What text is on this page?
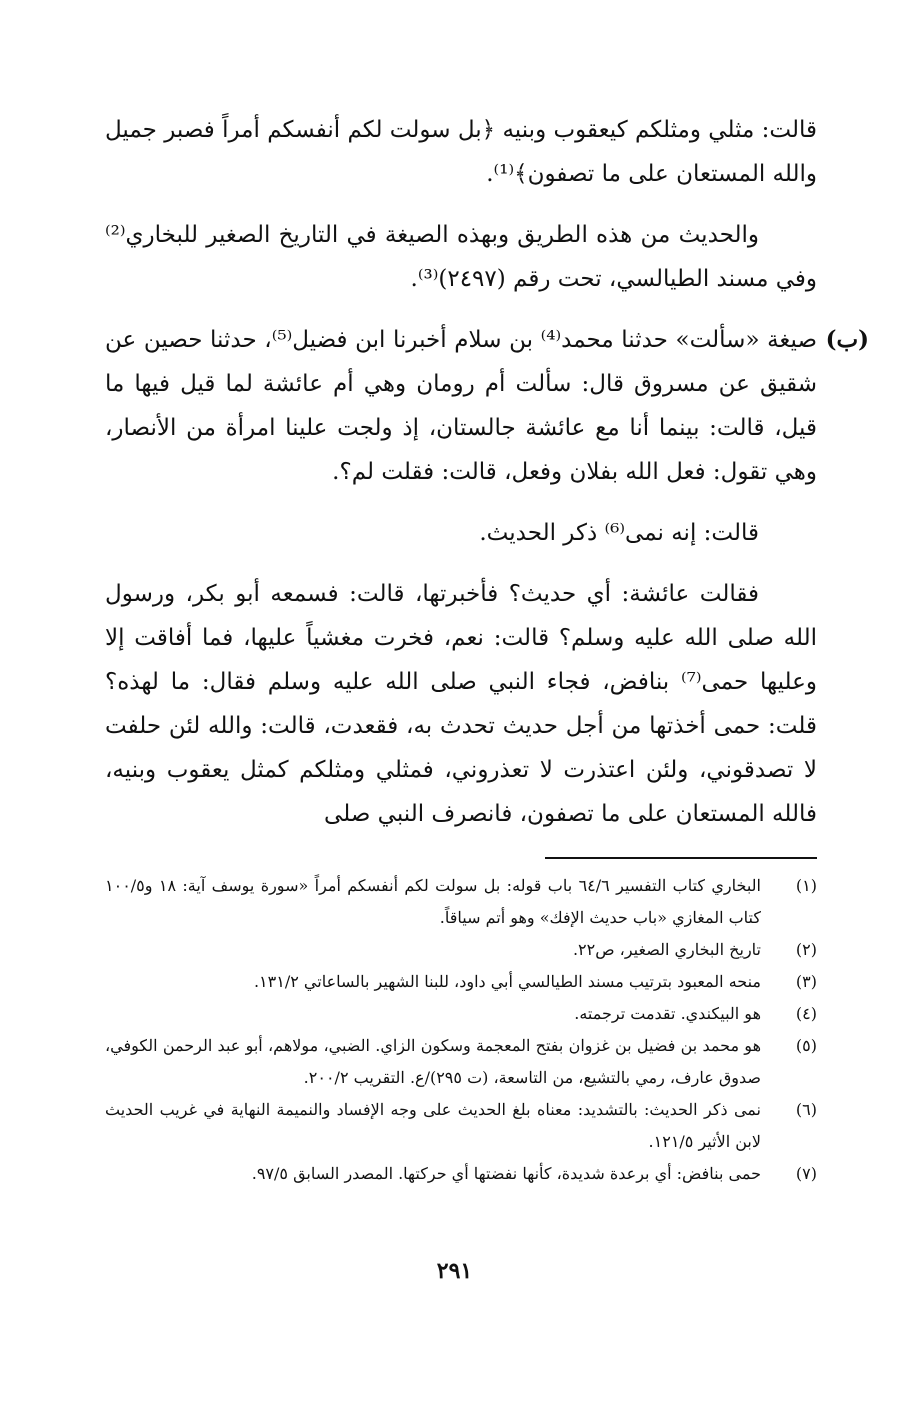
قالت: مثلي ومثلكم كيعقوب وبنيه ﴿بل سولت لكم أنفسكم أمراً فصبر جميل والله المستعان على ما تصفون﴾⁽¹⁾.

والحديث من هذه الطريق وبهذه الصيغة في التاريخ الصغير للبخاري⁽²⁾ وفي مسند الطيالسي، تحت رقم (٢٤٩٧)⁽³⁾.

(ب)
صيغة «سألت» حدثنا محمد⁽⁴⁾ بن سلام أخبرنا ابن فضيل⁽⁵⁾، حدثنا حصين عن شقيق عن مسروق قال: سألت أم رومان وهي أم عائشة لما قيل فيها ما قيل، قالت: بينما أنا مع عائشة جالستان، إذ ولجت علينا امرأة من الأنصار، وهي تقول: فعل الله بفلان وفعل، قالت: فقلت لم؟.

قالت: إنه نمى⁽⁶⁾ ذكر الحديث.

فقالت عائشة: أي حديث؟ فأخبرتها، قالت: فسمعه أبو بكر، ورسول الله صلى الله عليه وسلم؟ قالت: نعم، فخرت مغشياً عليها، فما أفاقت إلا وعليها حمى⁽⁷⁾ بنافض، فجاء النبي صلى الله عليه وسلم فقال: ما لهذه؟ قلت: حمى أخذتها من أجل حديث تحدث به، فقعدت، قالت: والله لئن حلفت لا تصدقوني، ولئن اعتذرت لا تعذروني، فمثلي ومثلكم كمثل يعقوب وبنيه، فالله المستعان على ما تصفون، فانصرف النبي صلى

(١)
البخاري كتاب التفسير ٦٤/٦ باب قوله: بل سولت لكم أنفسكم أمراً «سورة يوسف آية: ١٨ و١٠٠/٥ كتاب المغازي «باب حديث الإفك» وهو أتم سياقاً.
(٢)
تاريخ البخاري الصغير، ص٢٢.
(٣)
منحه المعبود بترتيب مسند الطيالسي أبي داود، للبنا الشهير بالساعاتي ١٣١/٢.
(٤)
هو البيكندي. تقدمت ترجمته.
(٥)
هو محمد بن فضيل بن غزوان بفتح المعجمة وسكون الزاي. الضبي، مولاهم، أبو عبد الرحمن الكوفي، صدوق عارف، رمي بالتشيع، من التاسعة، (ت ٢٩٥)/ع. التقريب ٢٠٠/٢.
(٦)
نمى ذكر الحديث: بالتشديد: معناه بلغ الحديث على وجه الإفساد والنميمة النهاية في غريب الحديث لابن الأثير ١٢١/٥.
(٧)
حمى بنافض: أي برعدة شديدة، كأنها نفضتها أي حركتها. المصدر السابق ٩٧/٥.
٢٩١
